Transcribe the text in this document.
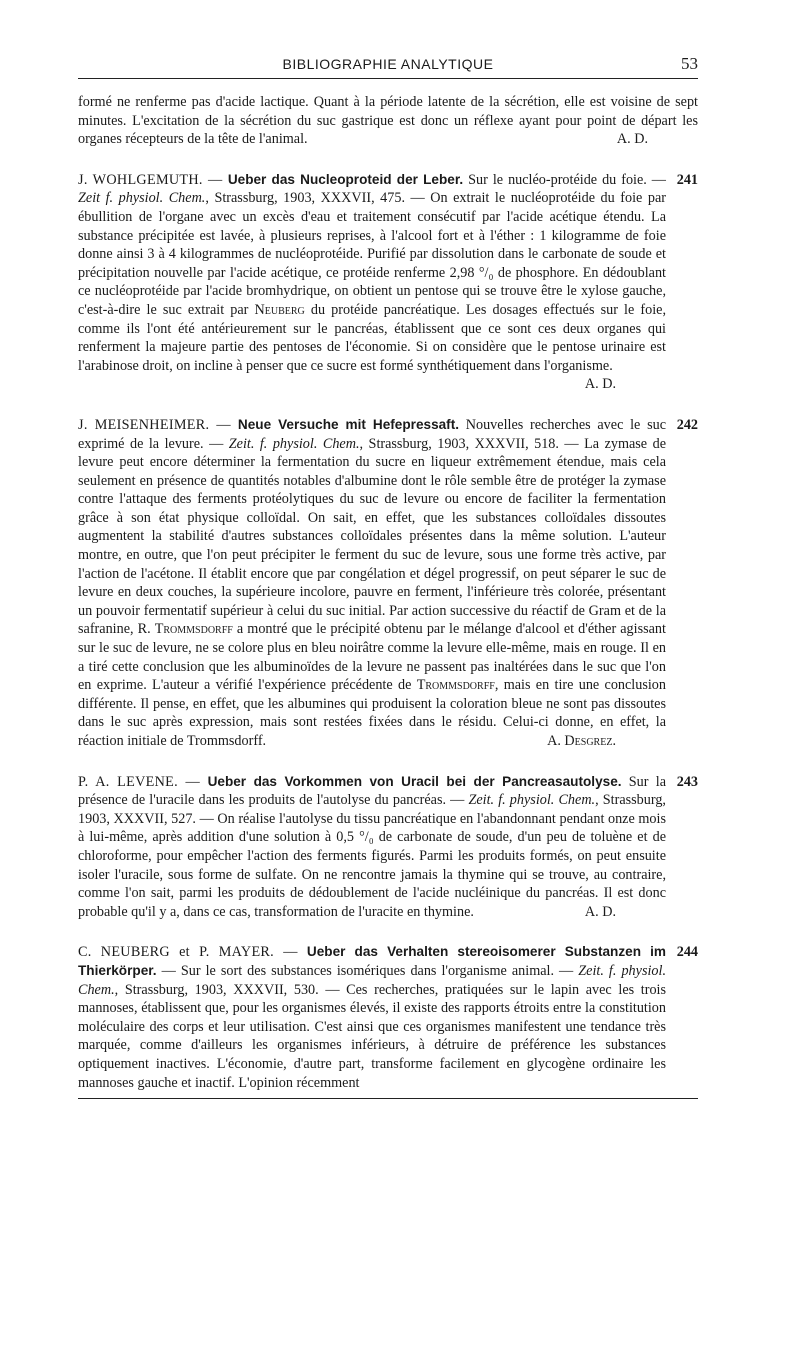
BIBLIOGRAPHIE ANALYTIQUE	53

formé ne renferme pas d'acide lactique. Quant à la période latente de la sécrétion, elle est voisine de sept minutes. L'excitation de la sécrétion du suc gastrique est donc un réflexe ayant pour point de départ les organes récepteurs de la tête de l'animal.	A. D.

241

J. WOHLGEMUTH. — Ueber das Nucleoproteid der Leber. Sur le nucléo-protéide du foie. — Zeit f. physiol. Chem., Strassburg, 1903, XXXVII, 475. — On extrait le nucléoprotéide du foie par ébullition de l'organe avec un excès d'eau et traitement consécutif par l'acide acétique étendu. La substance précipitée est lavée, à plusieurs reprises, à l'alcool fort et à l'éther : 1 kilogramme de foie donne ainsi 3 à 4 kilogrammes de nucléoprotéide. Purifié par dissolution dans le carbonate de soude et précipitation nouvelle par l'acide acétique, ce protéide renferme 2,98 °/₀ de phosphore. En dédoublant ce nucléoprotéide par l'acide bromhydrique, on obtient un pentose qui se trouve être le xylose gauche, c'est-à-dire le suc extrait par Neuberg du protéide pancréatique. Les dosages effectués sur le foie, comme ils l'ont été antérieurement sur le pancréas, établissent que ce sont ces deux organes qui renferment la majeure partie des pentoses de l'économie. Si on considère que le pentose urinaire est l'arabinose droit, on incline à penser que ce sucre est formé synthétiquement dans l'organisme.
A. D.

242

J. MEISENHEIMER. — Neue Versuche mit Hefepressaft. Nouvelles recherches avec le suc exprimé de la levure. — Zeit. f. physiol. Chem., Strassburg, 1903, XXXVII, 518. — La zymase de levure peut encore déterminer la fermentation du sucre en liqueur extrêmement étendue, mais cela seulement en présence de quantités notables d'albumine dont le rôle semble être de protéger la zymase contre l'attaque des ferments protéolytiques du suc de levure ou encore de faciliter la fermentation grâce à son état physique colloïdal. On sait, en effet, que les substances colloïdales dissoutes augmentent la stabilité d'autres substances colloïdales présentes dans la même solution. L'auteur montre, en outre, que l'on peut précipiter le ferment du suc de levure, sous une forme très active, par l'action de l'acétone. Il établit encore que par congélation et dégel progressif, on peut séparer le suc de levure en deux couches, la supérieure incolore, pauvre en ferment, l'inférieure très colorée, présentant un pouvoir fermentatif supérieur à celui du suc initial. Par action successive du réactif de Gram et de la safranine, R. Trommsdorff a montré que le précipité obtenu par le mélange d'alcool et d'éther agissant sur le suc de levure, ne se colore plus en bleu noirâtre comme la levure elle-même, mais en rouge. Il en a tiré cette conclusion que les albuminoïdes de la levure ne passent pas inaltérées dans le suc que l'on en exprime. L'auteur a vérifié l'expérience précédente de Trommsdorff, mais en tire une conclusion différente. Il pense, en effet, que les albumines qui produisent la coloration bleue ne sont pas dissoutes dans le suc après expression, mais sont restées fixées dans le résidu. Celui-ci donne, en effet, la réaction initiale de Trommsdorff.	A. Desgrez.

243

P. A. LEVENE. — Ueber das Vorkommen von Uracil bei der Pancreasautolyse. Sur la présence de l'uracile dans les produits de l'autolyse du pancréas. — Zeit. f. physiol. Chem., Strassburg, 1903, XXXVII, 527. — On réalise l'autolyse du tissu pancréatique en l'abandonnant pendant onze mois à lui-même, après addition d'une solution à 0,5 °/₀ de carbonate de soude, d'un peu de toluène et de chloroforme, pour empêcher l'action des ferments figurés. Parmi les produits formés, on peut ensuite isoler l'uracile, sous forme de sulfate. On ne rencontre jamais la thymine qui se trouve, au contraire, comme l'on sait, parmi les produits de dédoublement de l'acide nucléinique du pancréas. Il est donc probable qu'il y a, dans ce cas, transformation de l'uracite en thymine.	A. D.

244

C. NEUBERG et P. MAYER. — Ueber das Verhalten stereoisomerer Substanzen im Thierkörper. — Sur le sort des substances isomériques dans l'organisme animal. — Zeit. f. physiol. Chem., Strassburg, 1903, XXXVII, 530. — Ces recherches, pratiquées sur le lapin avec les trois mannoses, établissent que, pour les organismes élevés, il existe des rapports étroits entre la constitution moléculaire des corps et leur utilisation. C'est ainsi que ces organismes manifestent une tendance très marquée, comme d'ailleurs les organismes inférieurs, à détruire de préférence les substances optiquement inactives. L'économie, d'autre part, transforme facilement en glycogène ordinaire les mannoses gauche et inactif. L'opinion récemment
